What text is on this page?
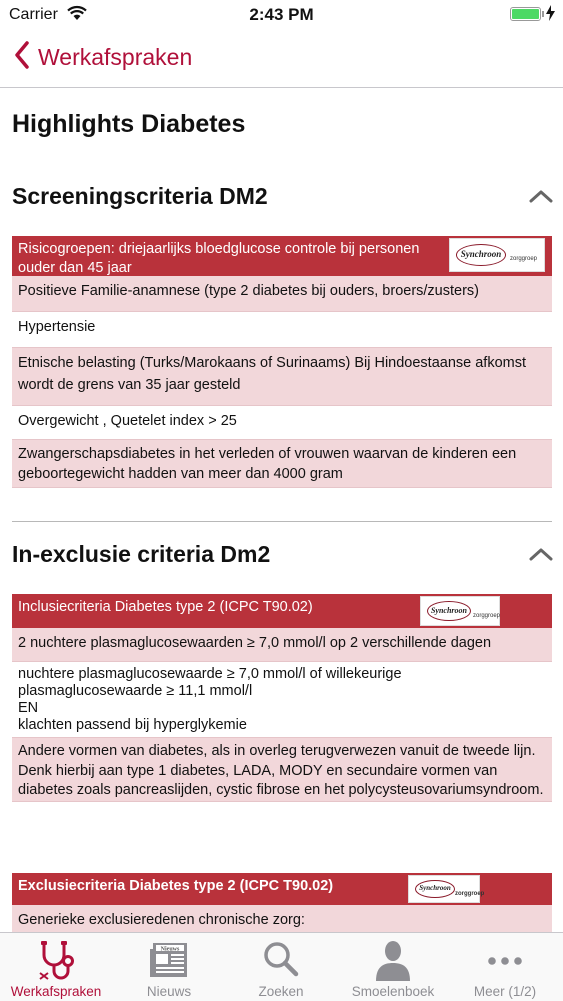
Carrier	2:43 PM
Werkafspraken
Highlights Diabetes
Screeningscriteria DM2
Risicogroepen: driejaarlijks bloedglucose controle bij personen ouder dan 45 jaar
Synchroon	zorggroep
Positieve Familie-anamnese (type 2 diabetes bij ouders, broers/zusters)
Hypertensie
Etnische belasting (Turks/Marokaans of Surinaams) Bij Hindoestaanse afkomst wordt de grens van 35 jaar gesteld
Overgewicht , Quetelet index > 25
Zwangerschapsdiabetes in het verleden of vrouwen waarvan de kinderen een geboortegewicht hadden van meer dan 4000 gram
In-exclusie criteria Dm2
Inclusiecriteria Diabetes type 2 (ICPC T90.02)	Synchroon
zorggroep
2 nuchtere plasmaglucosewaarden ≥ 7,0 mmol/l op 2 verschillende dagen
nuchtere plasmaglucosewaarde ≥ 7,0 mmol/l of willekeurige plasmaglucosewaarde ≥ 11,1 mmol/l
EN
klachten passend bij hyperglykemie
Andere vormen van diabetes, als in overleg terugverwezen vanuit de tweede lijn. Denk hierbij aan type 1 diabetes, LADA, MODY en secundaire vormen van diabetes zoals pancreaslijden, cystic fibrose en het polycysteusovariumsyndroom.
Exclusiecriteria Diabetes type 2 (ICPC T90.02)	Synchroon
zorggroep
Generieke exclusieredenen chronische zorg:
Werkafspraken
Nieuws
Nieuws	Zoeken	Smoelenboek	Meer (1/2)
